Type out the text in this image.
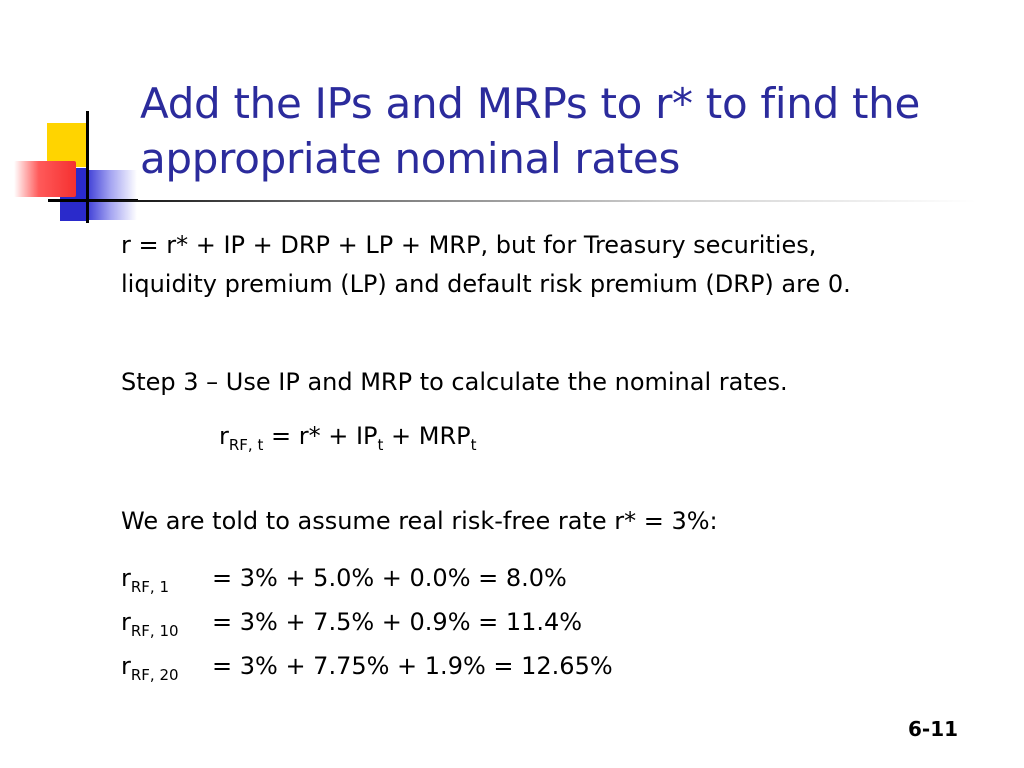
Add the IPs and MRPs to r* to find the appropriate nominal rates

r = r* + IP + DRP + LP + MRP, but for Treasury securities,

liquidity premium (LP) and default risk premium (DRP) are 0.

Step 3 – Use IP and MRP to calculate the nominal rates.

$r_{RF, t} = r* + IP_t + MRP_t$

We are told to assume real risk-free rate r* = 3%:

$r_{RF, 1} = 3\% + 5.0\% + 0.0\% = 8.0\%$
$r_{RF, 10} = 3\% + 7.5\% + 0.9\% = 11.4\%$
$r_{RF, 20} = 3\% + 7.75\% + 1.9\% = 12.65\%$
6-11
